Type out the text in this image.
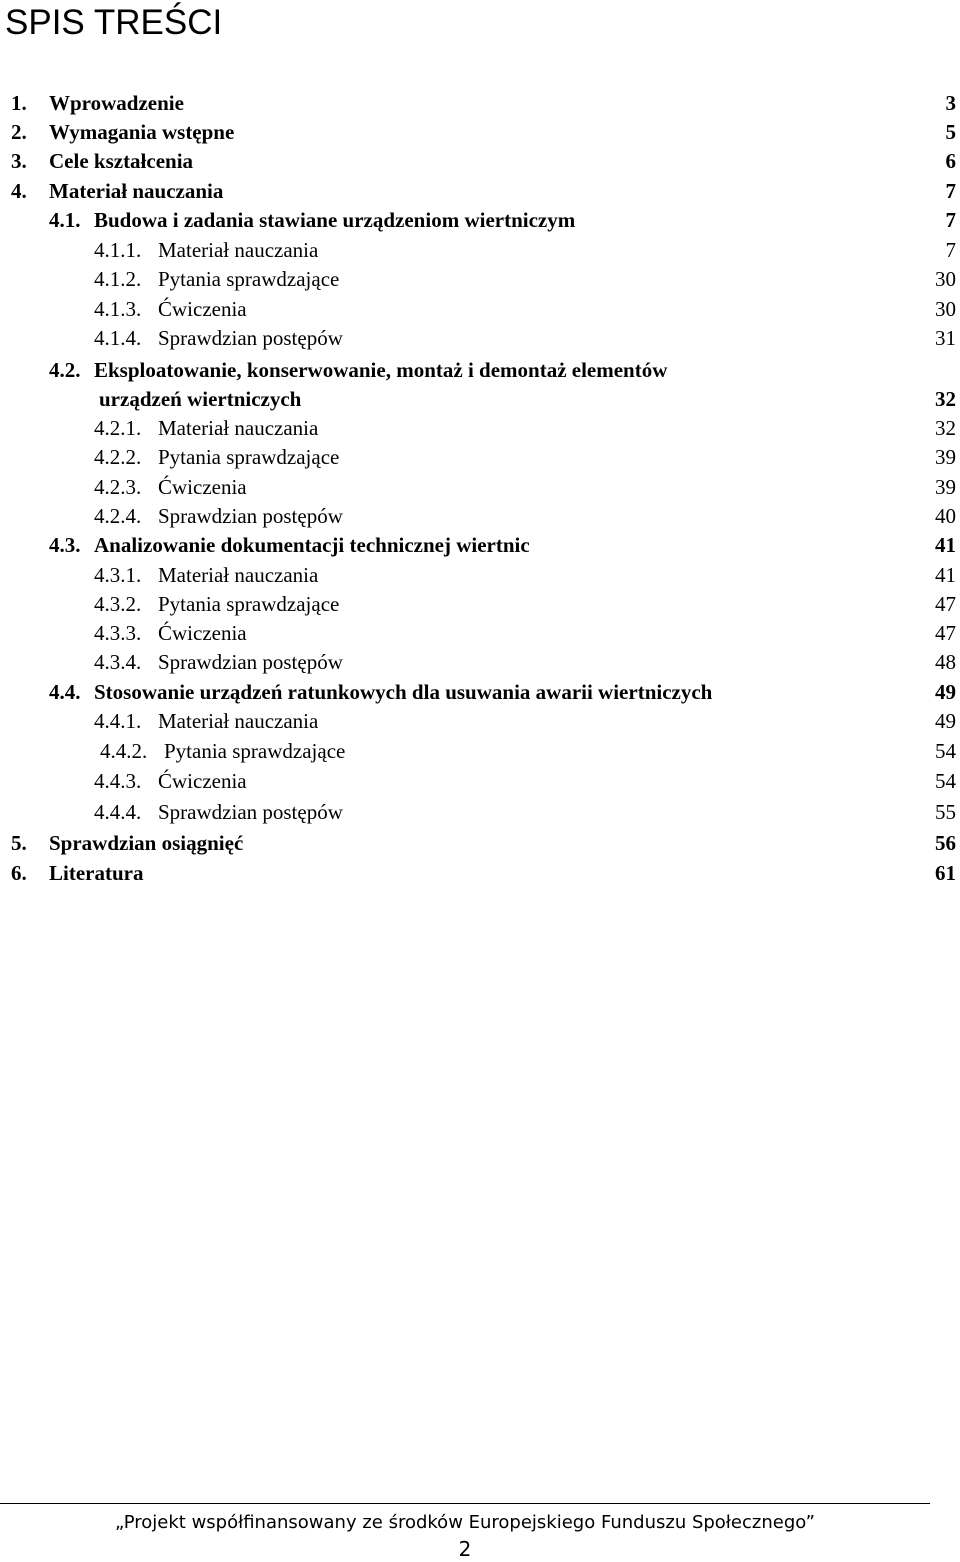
SPIS TREŚCI
1. Wprowadzenie	3
2. Wymagania wstępne	5
3. Cele kształcenia	6
4. Materiał nauczania	7
4.1. Budowa i zadania stawiane urządzeniom wiertniczym	7
4.1.1. Materiał nauczania	7
4.1.2. Pytania sprawdzające	30
4.1.3. Ćwiczenia	30
4.1.4. Sprawdzian postępów	31
4.2. Eksploatowanie, konserwowanie, montaż i demontaż elementów
urządzeń wiertniczych	32
4.2.1. Materiał nauczania	32
4.2.2. Pytania sprawdzające	39
4.2.3. Ćwiczenia	39
4.2.4. Sprawdzian postępów	40
4.3. Analizowanie dokumentacji technicznej wiertnic	41
4.3.1. Materiał nauczania	41
4.3.2. Pytania sprawdzające	47
4.3.3. Ćwiczenia	47
4.3.4. Sprawdzian postępów	48
4.4. Stosowanie urządzeń ratunkowych dla usuwania awarii wiertniczych	49
4.4.1. Materiał nauczania	49
4.4.2. Pytania sprawdzające	54
4.4.3. Ćwiczenia	54
4.4.4. Sprawdzian postępów	55
5. Sprawdzian osiągnięć	56
6. Literatura	61
„Projekt współfinansowany ze środków Europejskiego Funduszu Społecznego”
2
